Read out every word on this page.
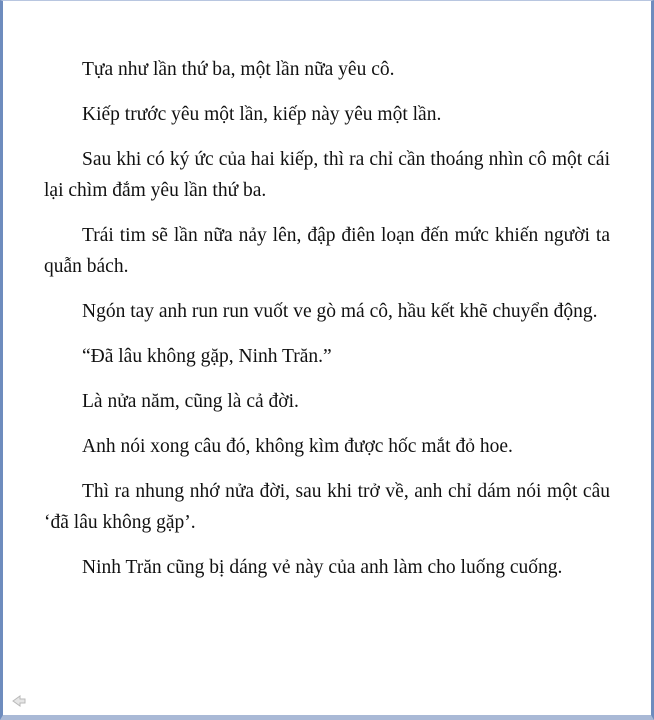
Tựa như lần thứ ba, một lần nữa yêu cô.

Kiếp trước yêu một lần, kiếp này yêu một lần.

Sau khi có ký ức của hai kiếp, thì ra chỉ cần thoáng nhìn cô một cái lại chìm đắm yêu lần thứ ba.

Trái tim sẽ lần nữa nảy lên, đập điên loạn đến mức khiến người ta quẫn bách.

Ngón tay anh run run vuốt ve gò má cô, hầu kết khẽ chuyển động.

“Đã lâu không gặp, Ninh Trăn.”

Là nửa năm, cũng là cả đời.

Anh nói xong câu đó, không kìm được hốc mắt đỏ hoe.

Thì ra nhung nhớ nửa đời, sau khi trở về, anh chỉ dám nói một câu ‘đã lâu không gặp’.

Ninh Trăn cũng bị dáng vẻ này của anh làm cho luống cuống.
